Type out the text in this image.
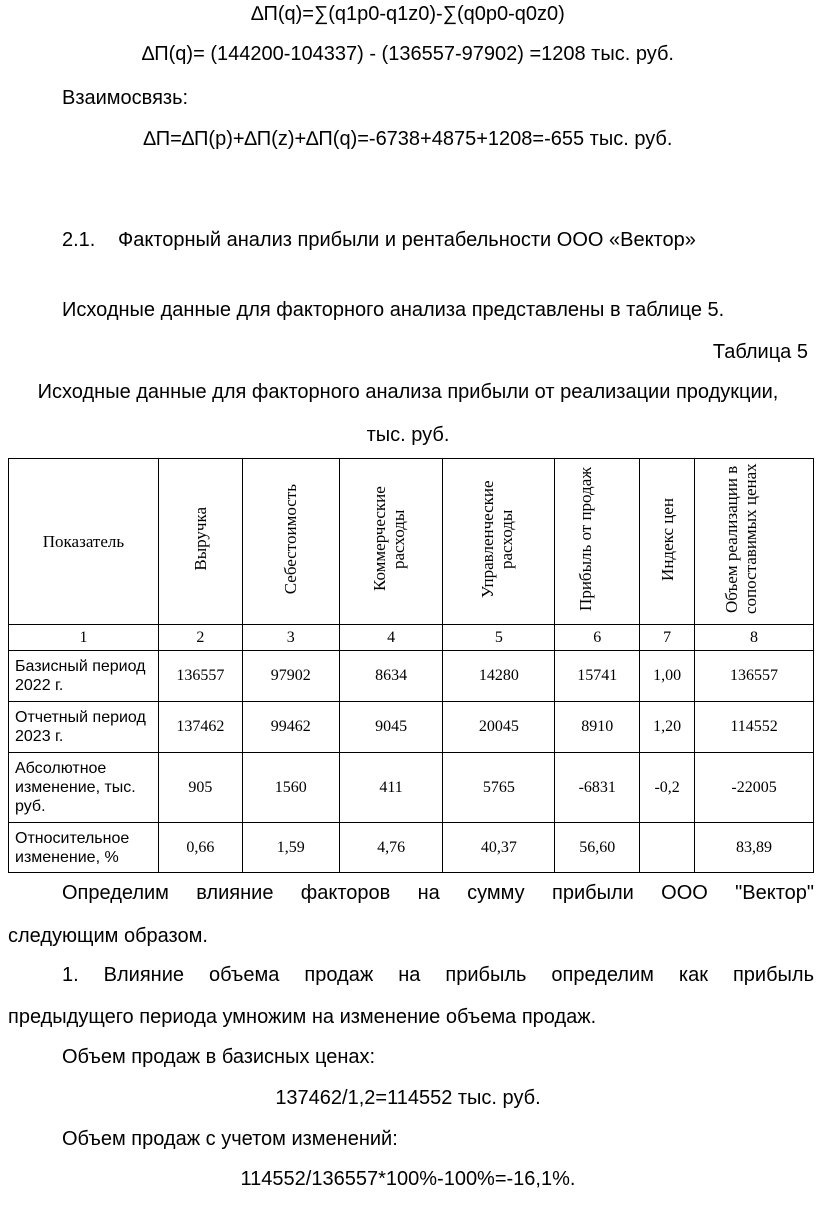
∆П(q)=∑(q1p0-q1z0)-∑(q0p0-q0z0)
∆П(q)= (144200-104337) - (136557-97902) =1208 тыс. руб.
Взаимосвязь:
∆П=∆П(p)+∆П(z)+∆П(q)=-6738+4875+1208=-655 тыс. руб.
2.1. Факторный анализ прибыли и рентабельности ООО «Вектор»
Исходные данные для факторного анализа представлены в таблице 5.
Таблица 5
Исходные данные для факторного анализа прибыли от реализации продукции,
тыс. руб.
Показатель	Выручка	Себестоимость	Коммерческие расходы	Управленческие расходы	Прибыль от продаж	Индекс цен	Объем реализации в сопоставимых ценах
1	2	3	4	5	6	7	8
Базисный период 2022 г.	136557	97902	8634	14280	15741	1,00	136557
Отчетный период 2023 г.	137462	99462	9045	20045	8910	1,20	114552
Абсолютное изменение, тыс. руб.	905	1560	411	5765	-6831	-0,2	-22005
Относительное изменение, %	0,66	1,59	4,76	40,37	56,60		83,89
Определим влияние факторов на сумму прибыли ООО "Вектор"
следующим образом.
1. Влияние объема продаж на прибыль определим как прибыль
предыдущего периода умножим на изменение объема продаж.
Объем продаж в базисных ценах:
137462/1,2=114552 тыс. руб.
Объем продаж с учетом изменений:
114552/136557*100%-100%=-16,1%.
